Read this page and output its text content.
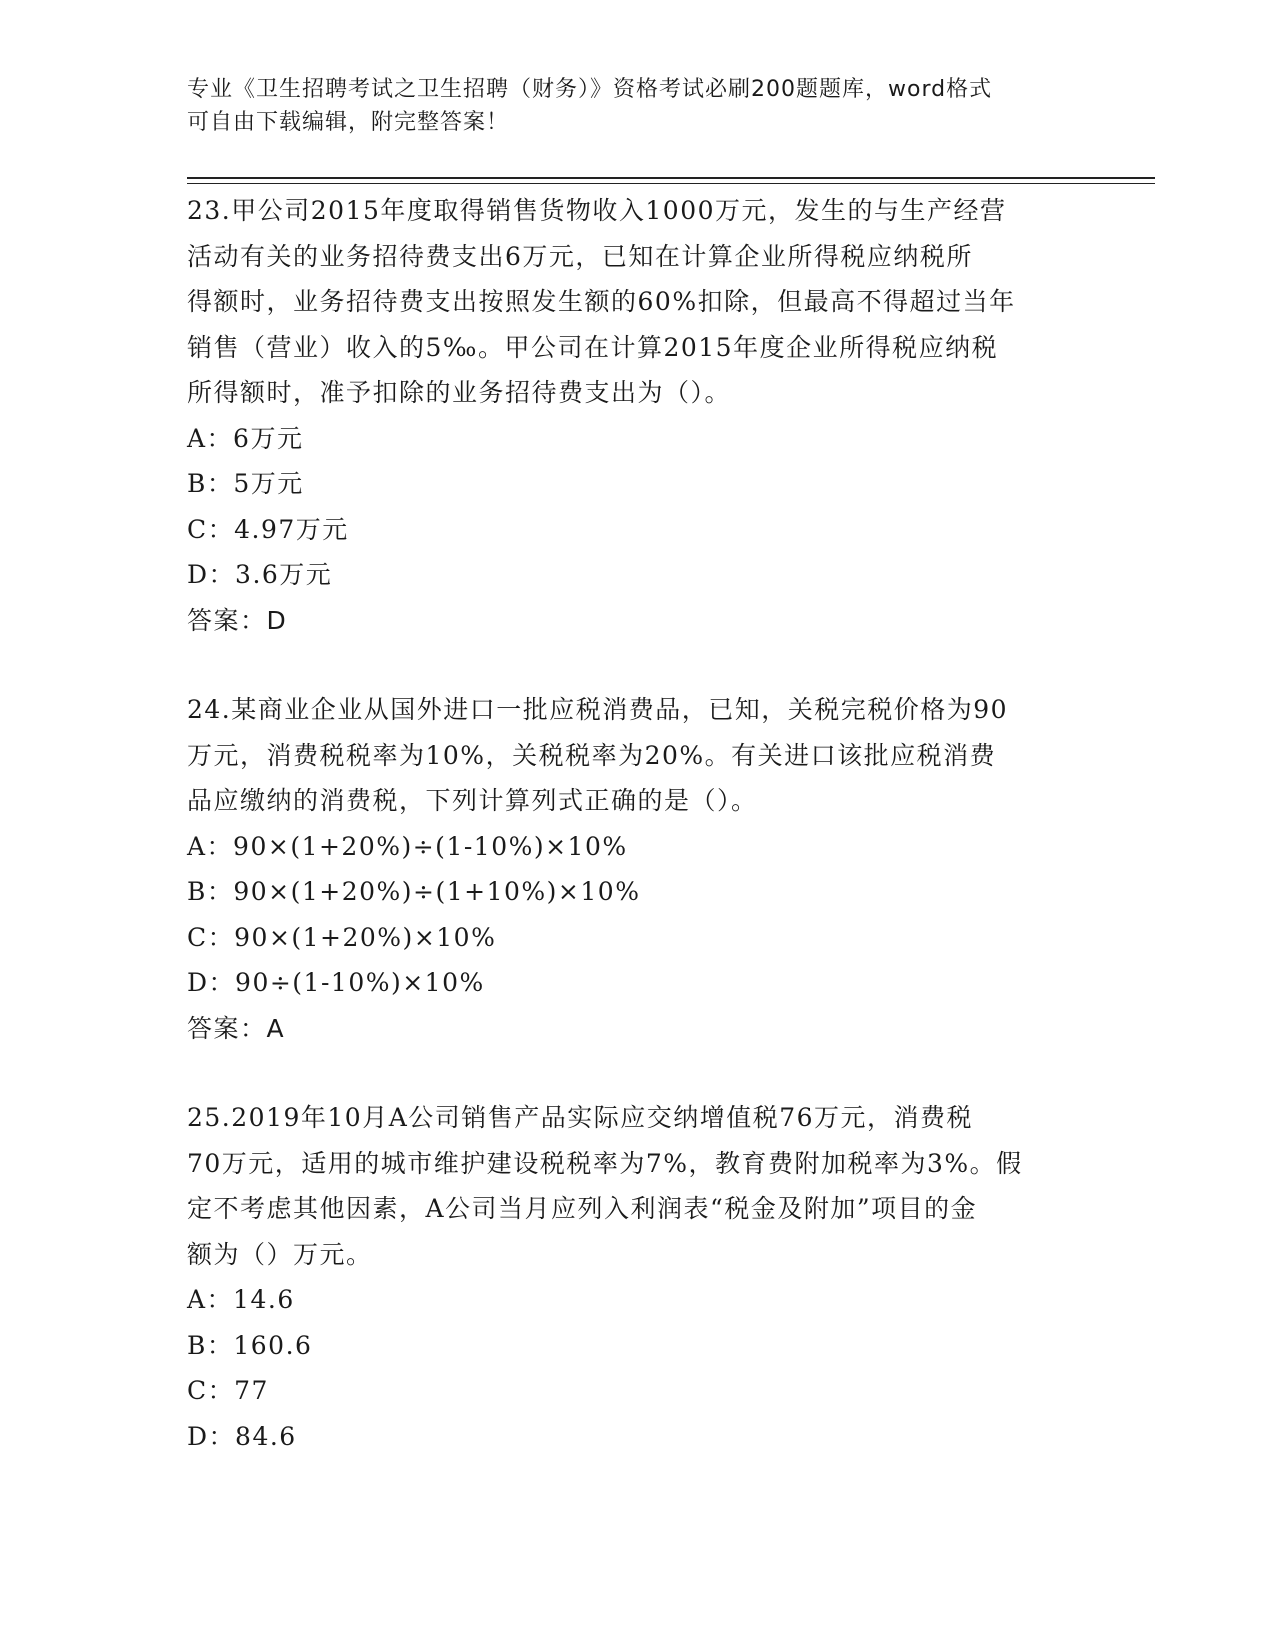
专业《卫生招聘考试之卫生招聘（财务）》资格考试必刷200题题库，word格式
可自由下载编辑，附完整答案！
23.甲公司2015年度取得销售货物收入1000万元，发生的与生产经营
活动有关的业务招待费支出6万元，已知在计算企业所得税应纳税所
得额时，业务招待费支出按照发生额的60%扣除，但最高不得超过当年
销售（营业）收入的5‰。甲公司在计算2015年度企业所得税应纳税
所得额时，准予扣除的业务招待费支出为（）。
A：6万元
B：5万元
C：4.97万元
D：3.6万元
答案：D
24.某商业企业从国外进口一批应税消费品，已知，关税完税价格为90
万元，消费税税率为10%，关税税率为20%。有关进口该批应税消费
品应缴纳的消费税，下列计算列式正确的是（）。
A：90×(1+20%)÷(1-10%)×10%
B：90×(1+20%)÷(1+10%)×10%
C：90×(1+20%)×10%
D：90÷(1-10%)×10%
答案：A
25.2019年10月A公司销售产品实际应交纳增值税76万元，消费税
70万元，适用的城市维护建设税税率为7%，教育费附加税率为3%。假
定不考虑其他因素，A公司当月应列入利润表“税金及附加”项目的金
额为（）万元。
A：14.6
B：160.6
C：77
D：84.6
